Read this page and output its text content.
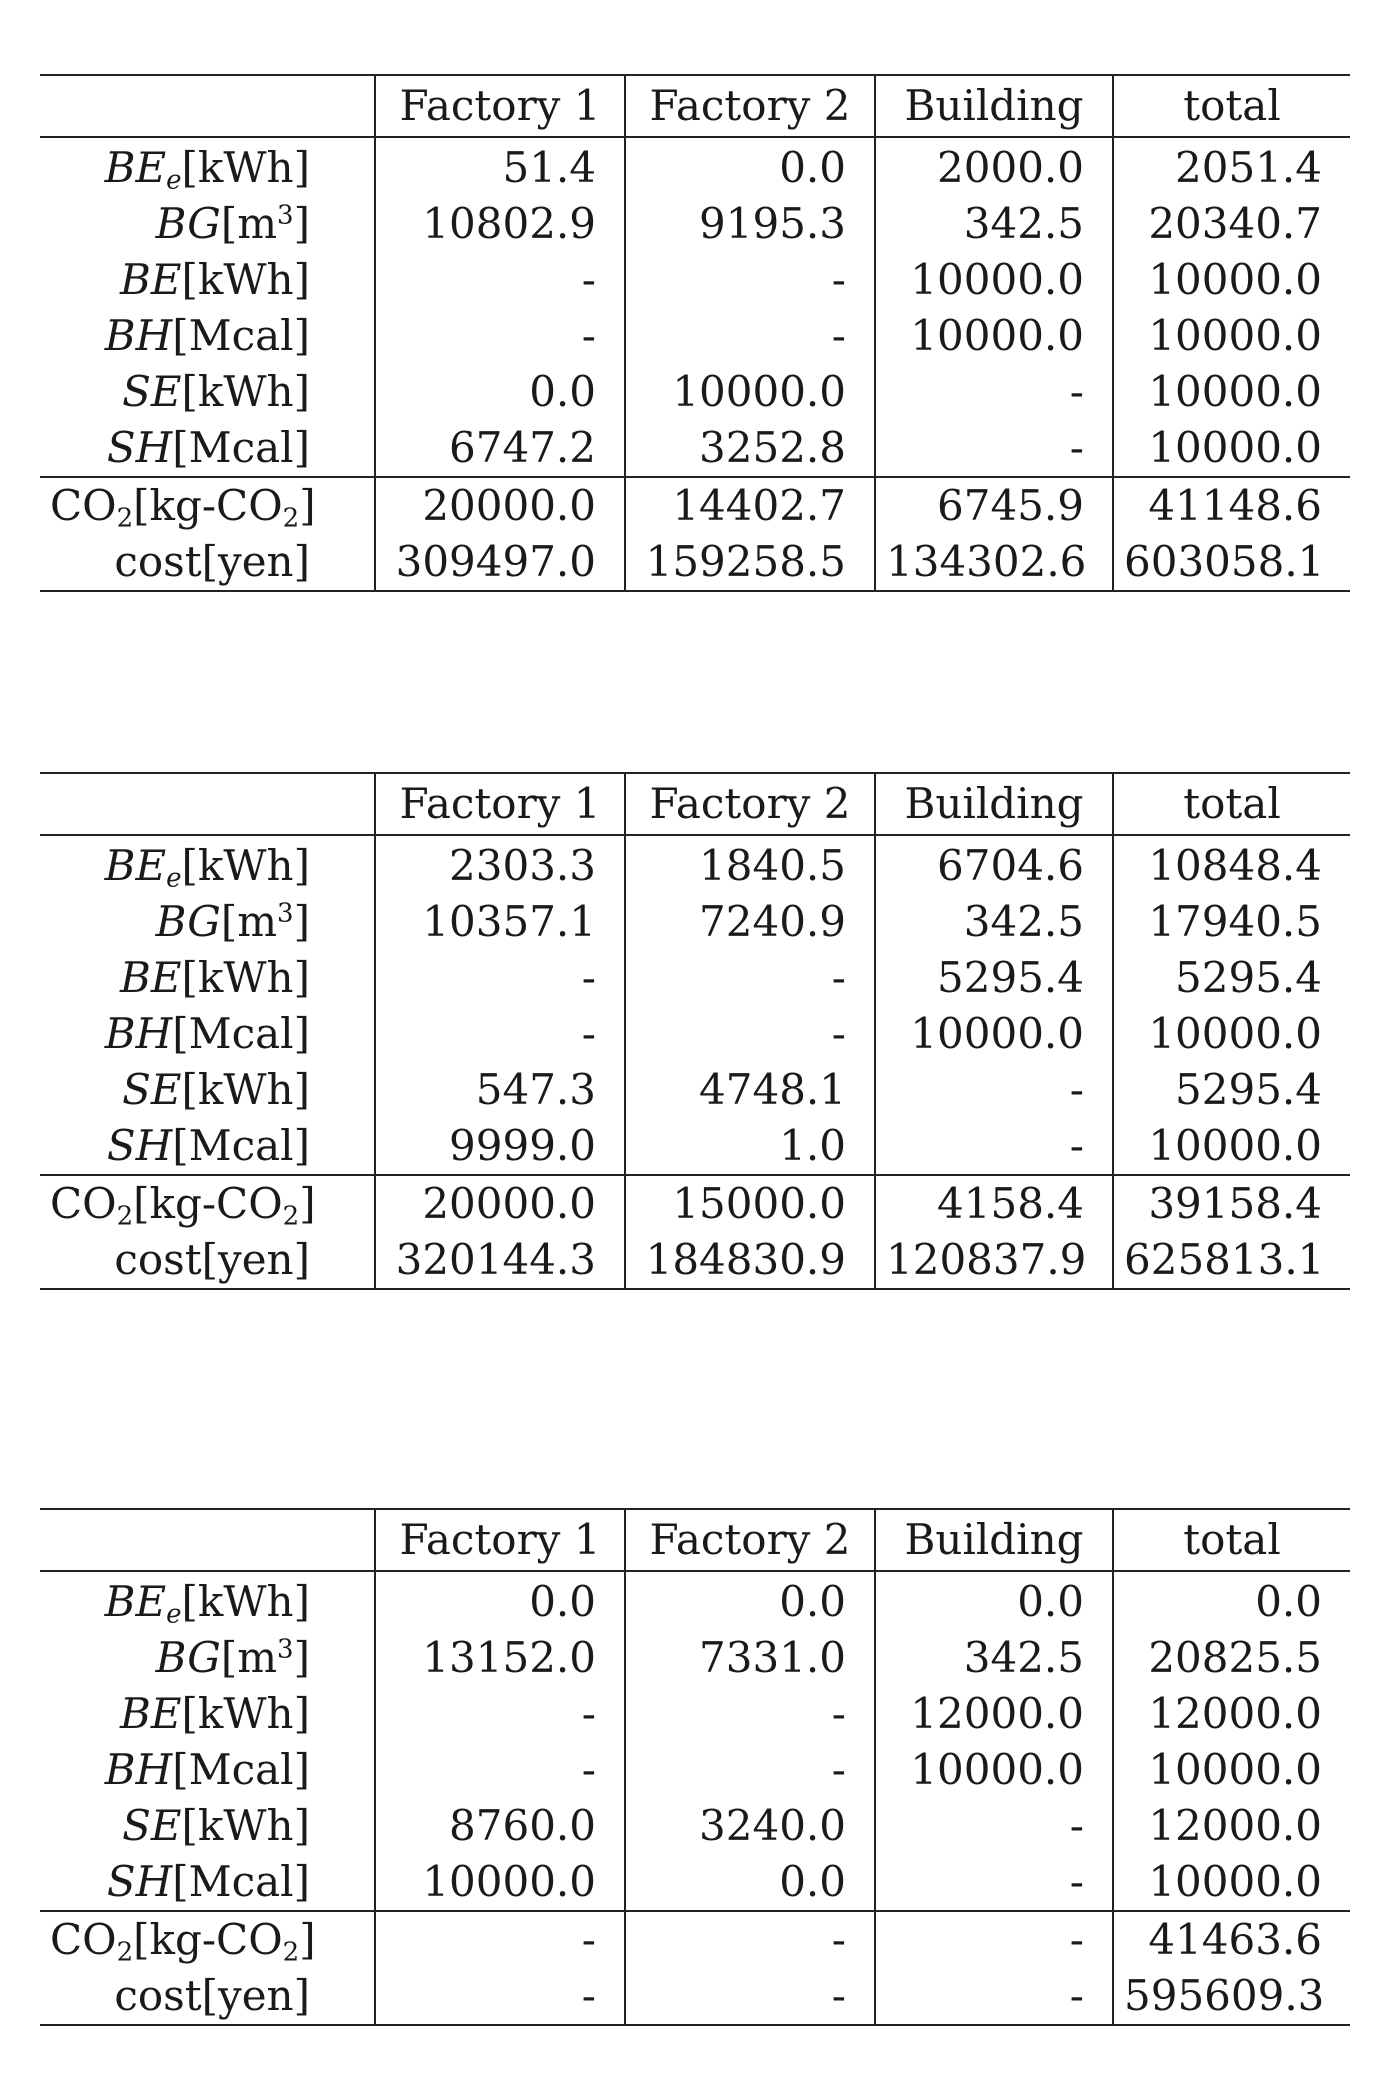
	Factory 1	Factory 2	Building	total
$BE_e[kWh]$	51.4	0.0	2000.0	2051.4
$BG[m^3]$	10802.9	9195.3	342.5	20340.7
BE[kWh]	-	-	10000.0	10000.0
BH[Mcal]	-	-	10000.0	10000.0
SE[kWh]	0.0	10000.0	-	10000.0
SH[Mcal]	6747.2	3252.8	-	10000.0
$CO_2[kg-CO_2]$	20000.0	14402.7	6745.9	41148.6
cost[yen]	309497.0	159258.5	134302.6	603058.1
	Factory 1	Factory 2	Building	total
$BE_e[kWh]$	2303.3	1840.5	6704.6	10848.4
$BG[m^3]$	10357.1	7240.9	342.5	17940.5
BE[kWh]	-	-	5295.4	5295.4
BH[Mcal]	-	-	10000.0	10000.0
SE[kWh]	547.3	4748.1	-	5295.4
SH[Mcal]	9999.0	1.0	-	10000.0
$CO_2[kg-CO_2]$	20000.0	15000.0	4158.4	39158.4
cost[yen]	320144.3	184830.9	120837.9	625813.1
	Factory 1	Factory 2	Building	total
$BE_e[kWh]$	0.0	0.0	0.0	0.0
$BG[m^3]$	13152.0	7331.0	342.5	20825.5
BE[kWh]	-	-	12000.0	12000.0
BH[Mcal]	-	-	10000.0	10000.0
SE[kWh]	8760.0	3240.0	-	12000.0
SH[Mcal]	10000.0	0.0	-	10000.0
$CO_2[kg-CO_2]$	-	-	-	41463.6
cost[yen]	-	-	-	595609.3
